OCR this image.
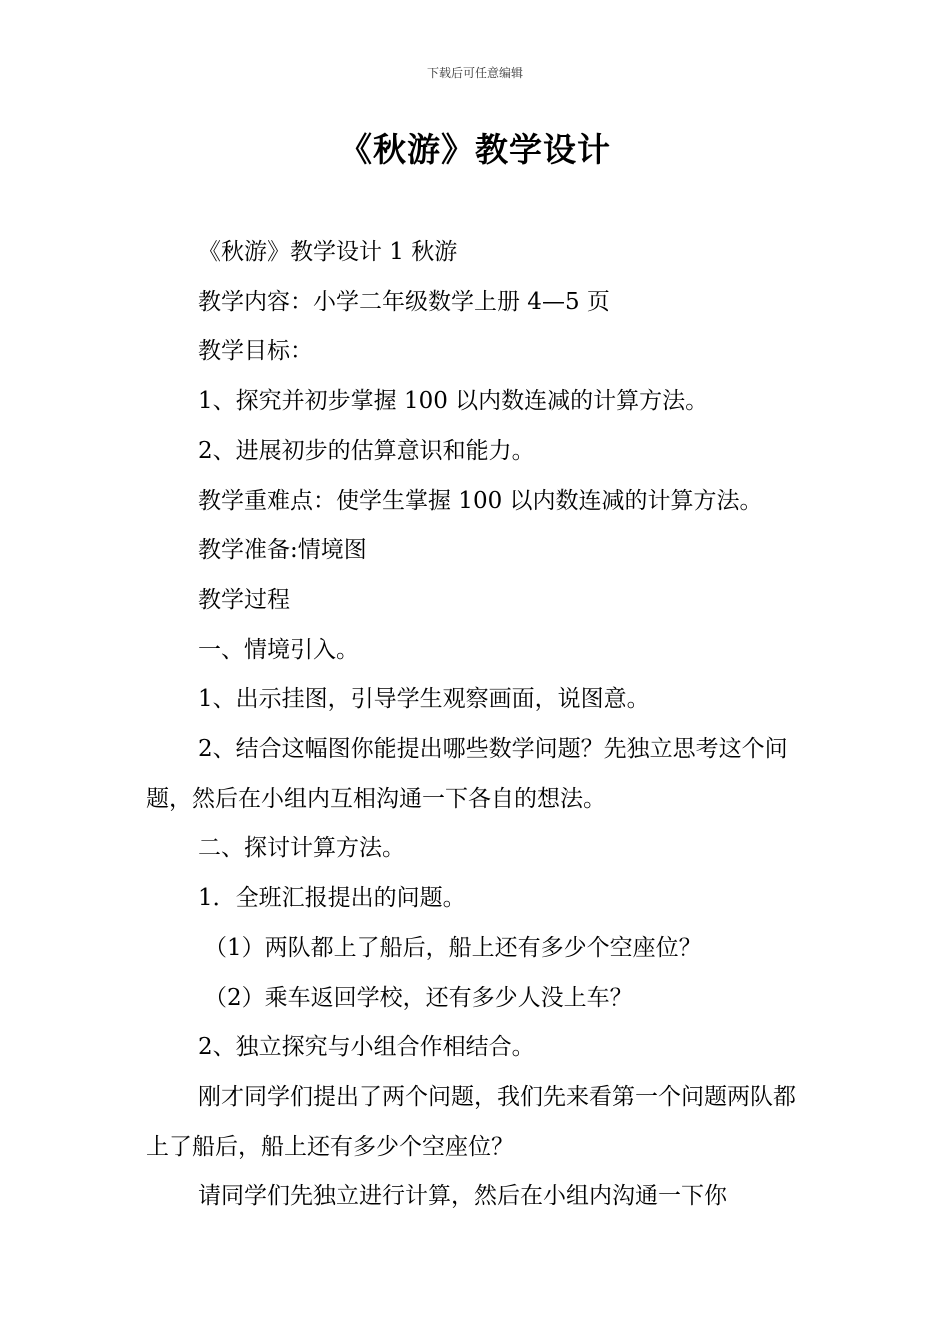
下载后可任意编辑
《秋游》教学设计

《秋游》教学设计 1 秋游

教学内容：小学二年级数学上册 4—5 页

教学目标：

1、探究并初步掌握 100 以内数连减的计算方法。

2、进展初步的估算意识和能力。

教学重难点：使学生掌握 100 以内数连减的计算方法。

教学准备:情境图

教学过程

一、情境引入。

1、出示挂图，引导学生观察画面，说图意。

2、结合这幅图你能提出哪些数学问题？先独立思考这个问题，然后在小组内互相沟通一下各自的想法。

二、探讨计算方法。

1．全班汇报提出的问题。

（1）两队都上了船后，船上还有多少个空座位？

（2）乘车返回学校，还有多少人没上车？

2、独立探究与小组合作相结合。

刚才同学们提出了两个问题，我们先来看第一个问题两队都上了船后，船上还有多少个空座位？

请同学们先独立进行计算，然后在小组内沟通一下你
